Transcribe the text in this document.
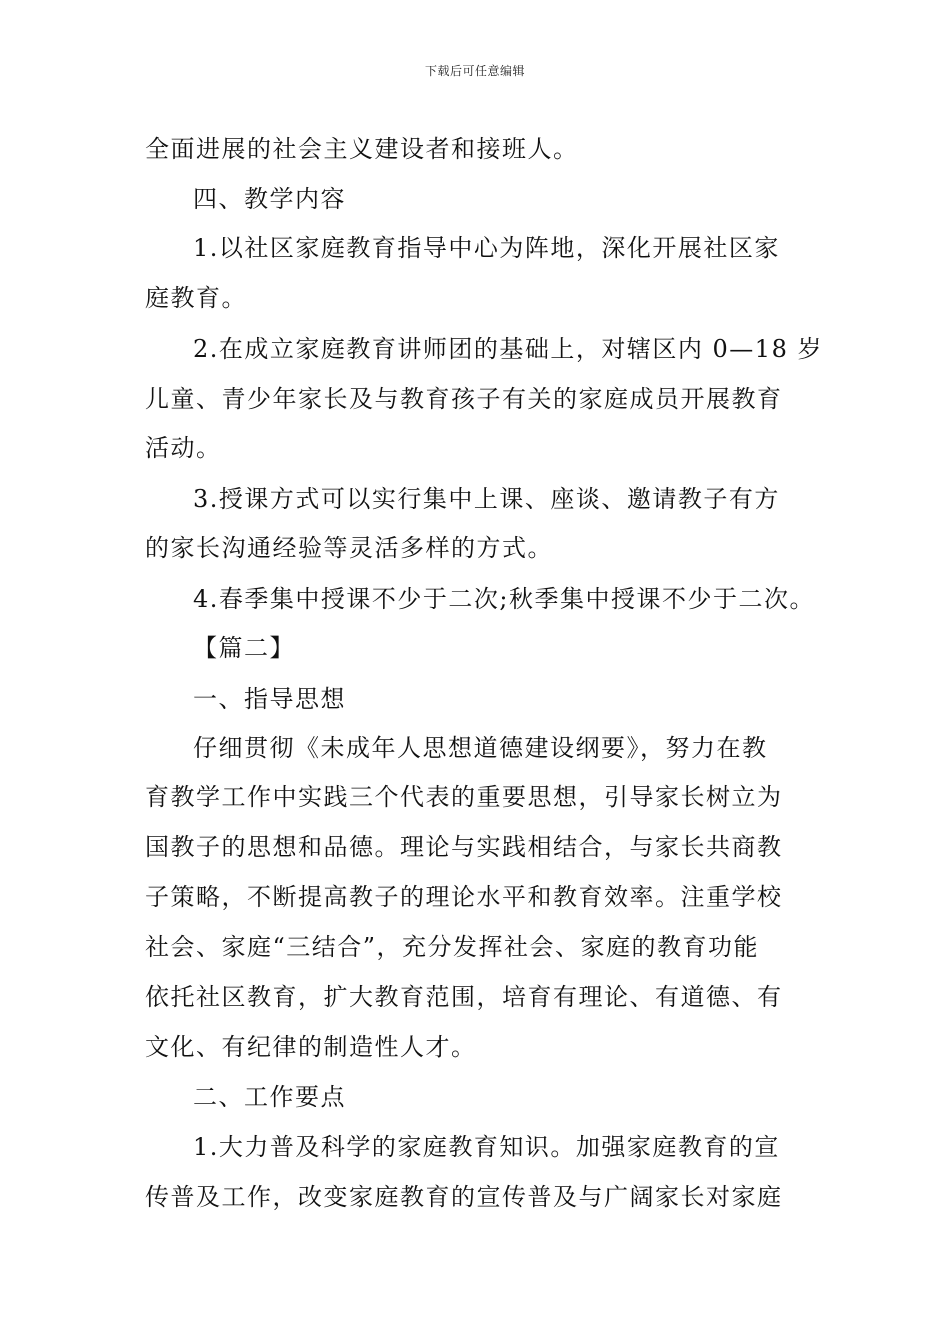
下载后可任意编辑
全面进展的社会主义建设者和接班人。
四、教学内容
1.以社区家庭教育指导中心为阵地，深化开展社区家
庭教育。
2.在成立家庭教育讲师团的基础上，对辖区内 0—18 岁
儿童、青少年家长及与教育孩子有关的家庭成员开展教育
活动。
3.授课方式可以实行集中上课、座谈、邀请教子有方
的家长沟通经验等灵活多样的方式。
4.春季集中授课不少于二次;秋季集中授课不少于二次。
【篇二】
一、指导思想
仔细贯彻《未成年人思想道德建设纲要》，努力在教
育教学工作中实践三个代表的重要思想，引导家长树立为
国教子的思想和品德。理论与实践相结合，与家长共商教
子策略，不断提高教子的理论水平和教育效率。注重学校
社会、家庭“三结合”，充分发挥社会、家庭的教育功能
依托社区教育，扩大教育范围，培育有理论、有道德、有
文化、有纪律的制造性人才。
二、工作要点
1.大力普及科学的家庭教育知识。加强家庭教育的宣
传普及工作，改变家庭教育的宣传普及与广阔家长对家庭
